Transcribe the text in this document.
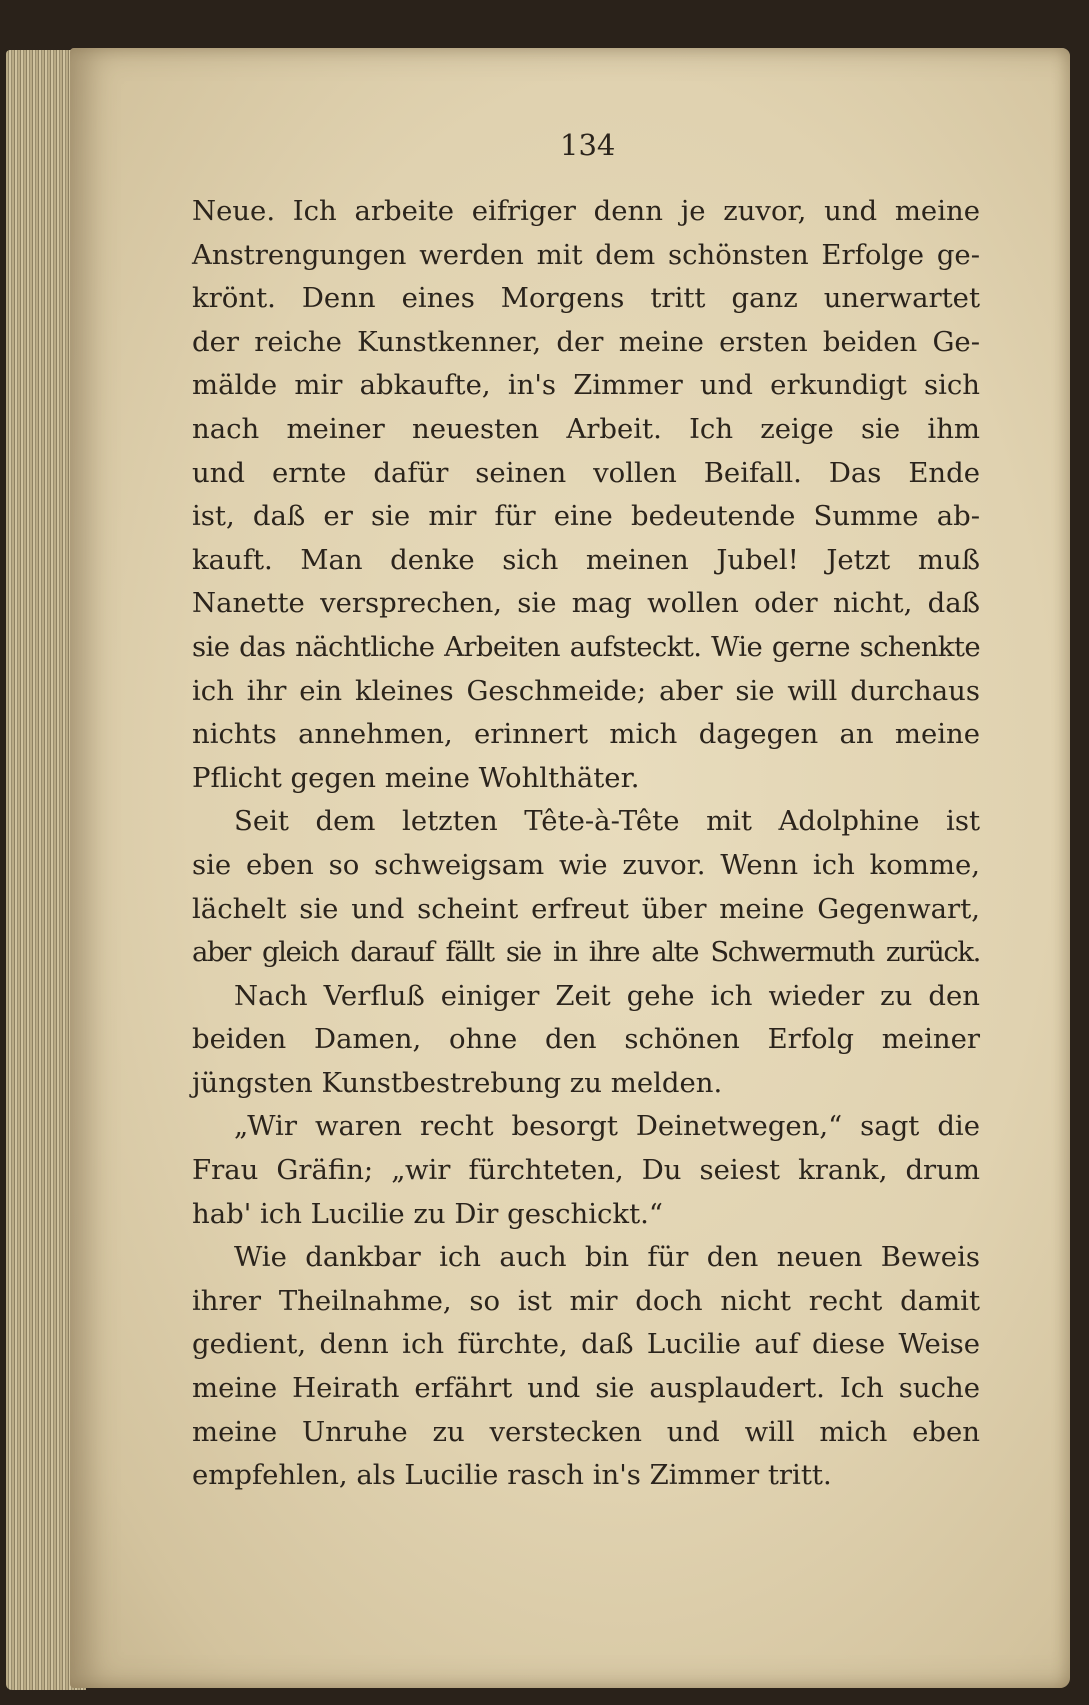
134
Neue. Ich arbeite eifriger denn je zuvor, und meine
Anstrengungen werden mit dem schönsten Erfolge ge-
krönt. Denn eines Morgens tritt ganz unerwartet
der reiche Kunstkenner, der meine ersten beiden Ge-
mälde mir abkaufte, in's Zimmer und erkundigt sich
nach meiner neuesten Arbeit. Ich zeige sie ihm
und ernte dafür seinen vollen Beifall. Das Ende
ist, daß er sie mir für eine bedeutende Summe ab-
kauft. Man denke sich meinen Jubel! Jetzt muß
Nanette versprechen, sie mag wollen oder nicht, daß
sie das nächtliche Arbeiten aufsteckt. Wie gerne schenkte
ich ihr ein kleines Geschmeide; aber sie will durchaus
nichts annehmen, erinnert mich dagegen an meine
Pflicht gegen meine Wohlthäter.
Seit dem letzten Tête-à-Tête mit Adolphine ist
sie eben so schweigsam wie zuvor. Wenn ich komme,
lächelt sie und scheint erfreut über meine Gegenwart,
aber gleich darauf fällt sie in ihre alte Schwermuth zurück.
Nach Verfluß einiger Zeit gehe ich wieder zu den
beiden Damen, ohne den schönen Erfolg meiner
jüngsten Kunstbestrebung zu melden.
„Wir waren recht besorgt Deinetwegen,“ sagt die
Frau Gräfin; „wir fürchteten, Du seiest krank, drum
hab' ich Lucilie zu Dir geschickt.“
Wie dankbar ich auch bin für den neuen Beweis
ihrer Theilnahme, so ist mir doch nicht recht damit
gedient, denn ich fürchte, daß Lucilie auf diese Weise
meine Heirath erfährt und sie ausplaudert. Ich suche
meine Unruhe zu verstecken und will mich eben
empfehlen, als Lucilie rasch in's Zimmer tritt.
